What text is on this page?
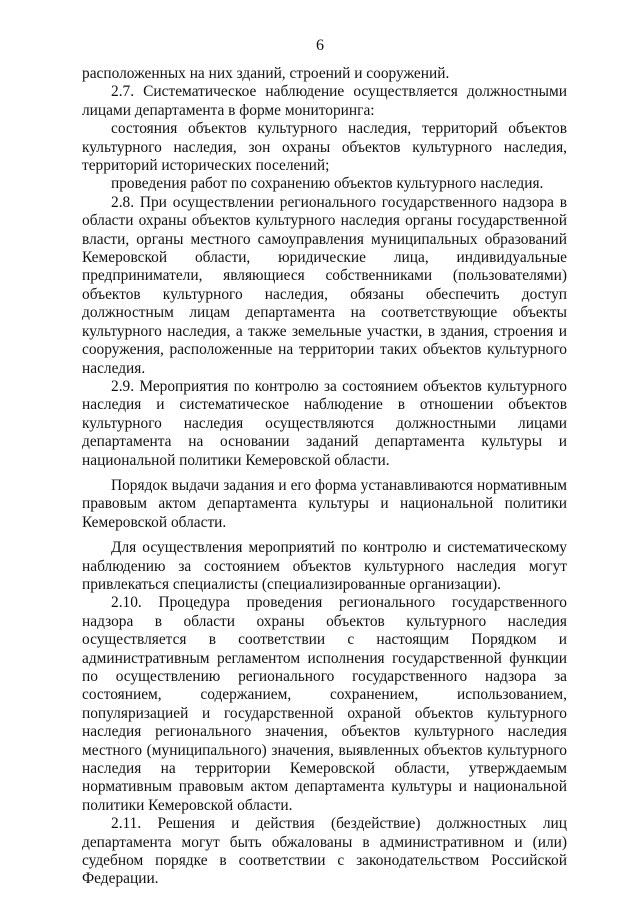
6

расположенных на них зданий, строений и сооружений.

2.7. Систематическое наблюдение осуществляется должностными лицами департамента в форме мониторинга:

состояния объектов культурного наследия, территорий объектов культурного наследия, зон охраны объектов культурного наследия, территорий исторических поселений;

проведения работ по сохранению объектов культурного наследия.

2.8. При осуществлении регионального государственного надзора в области охраны объектов культурного наследия органы государственной власти, органы местного самоуправления муниципальных образований Кемеровской области, юридические лица, индивидуальные предприниматели, являющиеся собственниками (пользователями) объектов культурного наследия, обязаны обеспечить доступ должностным лицам департамента на соответствующие объекты культурного наследия, а также земельные участки, в здания, строения и сооружения, расположенные на территории таких объектов культурного наследия.

2.9. Мероприятия по контролю за состоянием объектов культурного наследия и систематическое наблюдение в отношении объектов культурного наследия осуществляются должностными лицами департамента на основании заданий департамента культуры и национальной политики Кемеровской области.

Порядок выдачи задания и его форма устанавливаются нормативным правовым актом департамента культуры и национальной политики Кемеровской области.

Для осуществления мероприятий по контролю и систематическому наблюдению за состоянием объектов культурного наследия могут привлекаться специалисты (специализированные организации).

2.10. Процедура проведения регионального государственного надзора в области охраны объектов культурного наследия осуществляется в соответствии с настоящим Порядком и административным регламентом исполнения государственной функции по осуществлению регионального государственного надзора за состоянием, содержанием, сохранением, использованием, популяризацией и государственной охраной объектов культурного наследия регионального значения, объектов культурного наследия местного (муниципального) значения, выявленных объектов культурного наследия на территории Кемеровской области, утверждаемым нормативным правовым актом департамента культуры и национальной политики Кемеровской области.

2.11. Решения и действия (бездействие) должностных лиц департамента могут быть обжалованы в административном и (или) судебном порядке в соответствии с законодательством Российской Федерации.
